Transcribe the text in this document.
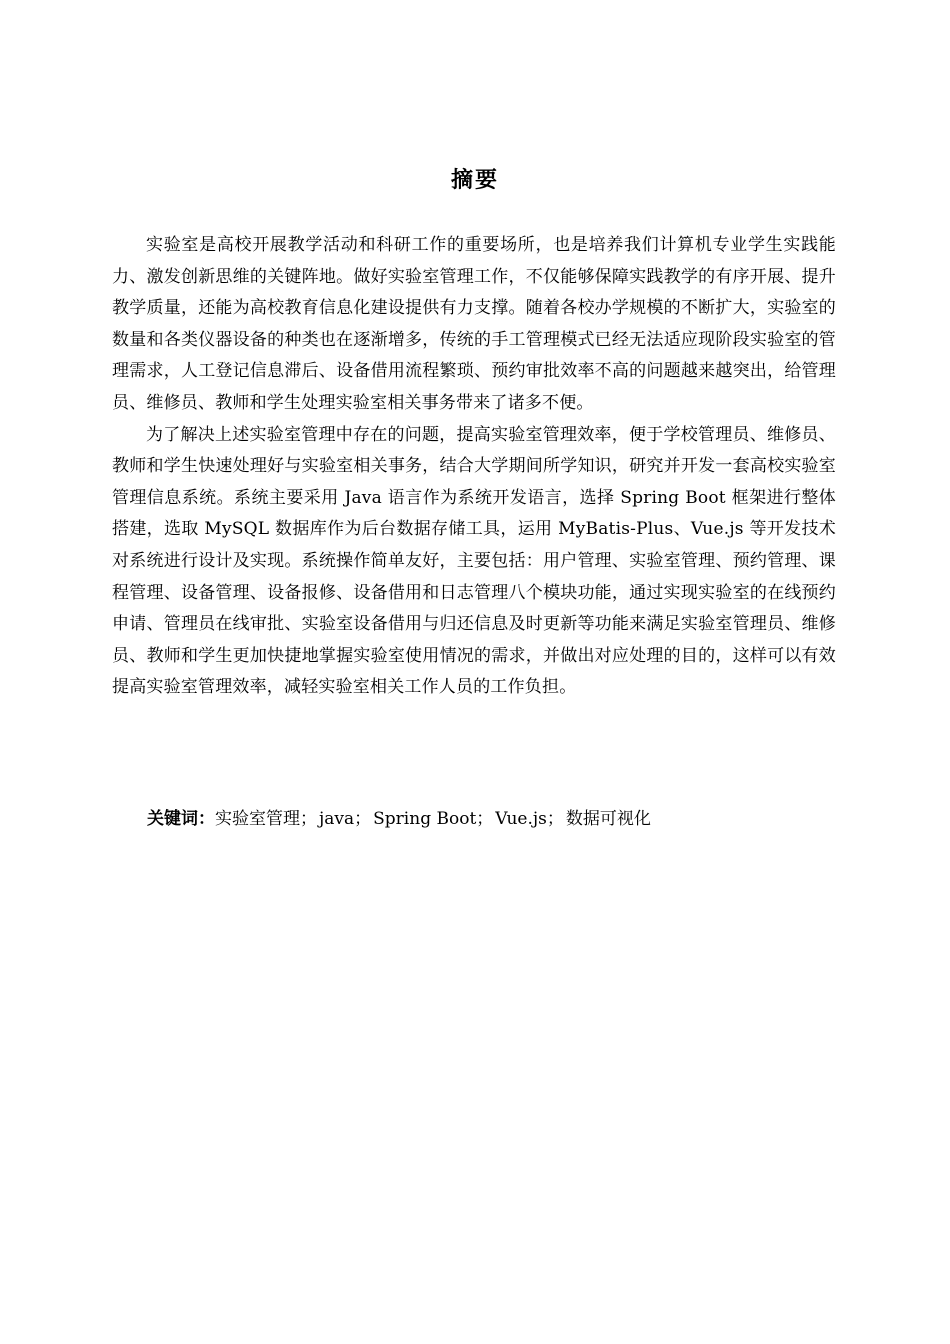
摘要

实验室是高校开展教学活动和科研工作的重要场所，也是培养我们计算机专业学生实践能力、激发创新思维的关键阵地。做好实验室管理工作，不仅能够保障实践教学的有序开展、提升教学质量，还能为高校教育信息化建设提供有力支撑。随着各校办学规模的不断扩大，实验室的数量和各类仪器设备的种类也在逐渐增多，传统的手工管理模式已经无法适应现阶段实验室的管理需求，人工登记信息滞后、设备借用流程繁琐、预约审批效率不高的问题越来越突出，给管理员、维修员、教师和学生处理实验室相关事务带来了诸多不便。

为了解决上述实验室管理中存在的问题，提高实验室管理效率，便于学校管理员、维修员、教师和学生快速处理好与实验室相关事务，结合大学期间所学知识，研究并开发一套高校实验室管理信息系统。系统主要采用 Java 语言作为系统开发语言，选择 Spring Boot 框架进行整体搭建，选取 MySQL 数据库作为后台数据存储工具，运用 MyBatis-Plus、Vue.js 等开发技术对系统进行设计及实现。系统操作简单友好，主要包括：用户管理、实验室管理、预约管理、课程管理、设备管理、设备报修、设备借用和日志管理八个模块功能，通过实现实验室的在线预约申请、管理员在线审批、实验室设备借用与归还信息及时更新等功能来满足实验室管理员、维修员、教师和学生更加快捷地掌握实验室使用情况的需求，并做出对应处理的目的，这样可以有效提高实验室管理效率，减轻实验室相关工作人员的工作负担。

关键词：实验室管理； java； Spring Boot； Vue.js； 数据可视化
